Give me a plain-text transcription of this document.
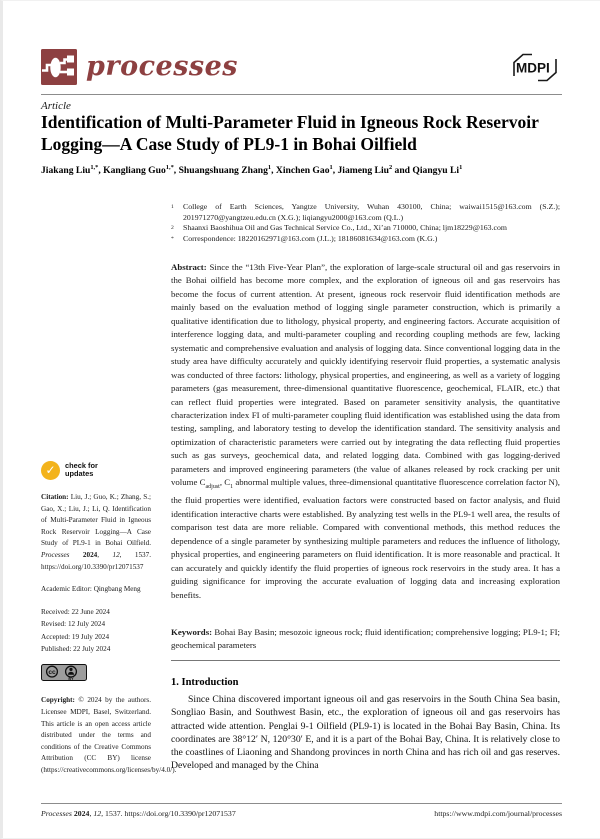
processes	MDPI
Article
Identification of Multi-Parameter Fluid in Igneous Rock Reservoir Logging—A Case Study of PL9-1 in Bohai Oilfield
Jiakang Liu$^{1,*}$, Kangliang Guo$^{1,*}$, Shuangshuang Zhang$^1$, Xinchen Gao$^1$, Jiameng Liu$^2$ and Qiangyu Li$^1$
1	College of Earth Sciences, Yangtze University, Wuhan 430100, China; waiwai1515@163.com (S.Z.); 201971270@yangtzeu.edu.cn (X.G.); liqiangyu2000@163.com (Q.L.)
2	Shaanxi Baoshihua Oil and Gas Technical Service Co., Ltd., Xi’an 710000, China; ljm18229@163.com
*	Correspondence: 18220162971@163.com (J.L.); 18186081634@163.com (K.G.)
Abstract: Since the “13th Five-Year Plan”, the exploration of large-scale structural oil and gas reservoirs in the Bohai oilfield has become more complex, and the exploration of igneous oil and gas reservoirs has become the focus of current attention. At present, igneous rock reservoir fluid identification methods are mainly based on the evaluation method of logging single parameter construction, which is primarily a qualitative identification due to lithology, physical property, and engineering factors. Accurate acquisition of interference logging data, and multi-parameter coupling and recording coupling methods are few, lacking systematic and comprehensive evaluation and analysis of logging data. Since conventional logging data in the study area have difficulty accurately and quickly identifying reservoir fluid properties, a systematic analysis was conducted of three factors: lithology, physical properties, and engineering, as well as a variety of logging parameters (gas measurement, three-dimensional quantitative fluorescence, geochemical, FLAIR, etc.) that can reflect fluid properties were integrated. Based on parameter sensitivity analysis, the quantitative characterization index FI of multi-parameter coupling fluid identification was established using the data from testing, sampling, and laboratory testing to develop the identification standard. The sensitivity analysis and optimization of characteristic parameters were carried out by integrating the data reflecting fluid properties such as gas surveys, geochemical data, and related logging data. Combined with gas logging-derived parameters and improved engineering parameters (the value of alkanes released by rock cracking per unit volume $C_{adjust}$, $C_1$ abnormal multiple values, three-dimensional quantitative fluorescence correlation factor N), the fluid properties were identified, evaluation factors were constructed based on factor analysis, and fluid identification interactive charts were established. By analyzing test wells in the PL9-1 well area, the results of comparison test data are more reliable. Compared with conventional methods, this method reduces the dependence of a single parameter by synthesizing multiple parameters and reduces the influence of lithology, physical properties, and engineering parameters on fluid identification. It is more reasonable and practical. It can accurately and quickly identify the fluid properties of igneous rock reservoirs in the study area. It has a guiding significance for improving the accurate evaluation of logging data and increasing exploration benefits.
Keywords: Bohai Bay Basin; mesozoic igneous rock; fluid identification; comprehensive logging; PL9-1; FI; geochemical parameters
1. Introduction
Since China discovered important igneous oil and gas reservoirs in the South China Sea basin, Songliao Basin, and Southwest Basin, etc., the exploration of igneous oil and gas reservoirs has attracted wide attention. Penglai 9-1 Oilfield (PL9-1) is located in the Bohai Bay Basin, China. Its coordinates are 38°12′ N, 120°30′ E, and it is a part of the Bohai Bay, China. It is relatively close to the coastlines of Liaoning and Shandong provinces in north China and has rich oil and gas reserves. Developed and managed by the China
✓ check for
updates
Citation: Liu, J.; Guo, K.; Zhang, S.; Gao, X.; Liu, J.; Li, Q. Identification of Multi-Parameter Fluid in Igneous Rock Reservoir Logging—A Case Study of PL9-1 in Bohai Oilfield. Processes 2024, 12, 1537. https://doi.org/10.3390/pr12071537
Academic Editor: Qingbang Meng
Received: 22 June 2024
Revised: 12 July 2024
Accepted: 19 July 2024
Published: 22 July 2024
cc
BY
Copyright: © 2024 by the authors. Licensee MDPI, Basel, Switzerland. This article is an open access article distributed under the terms and conditions of the Creative Commons Attribution (CC BY) license (https://creativecommons.org/licenses/by/4.0/).
Processes 2024, 12, 1537. https://doi.org/10.3390/pr12071537	https://www.mdpi.com/journal/processes
